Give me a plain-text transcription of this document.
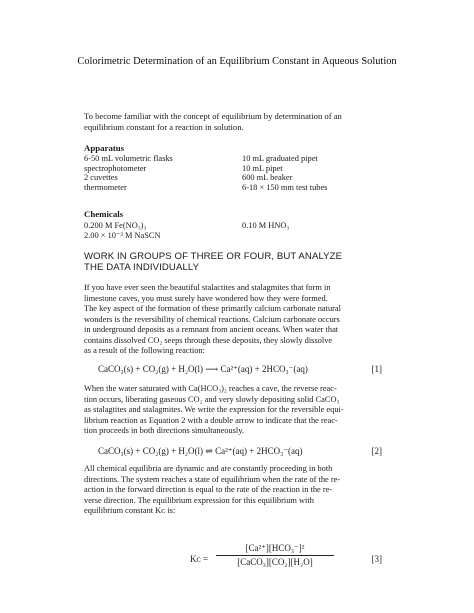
Colorimetric Determination of an Equilibrium Constant in Aqueous Solution
To become familiar with the concept of equilibrium by determination of an equilibrium constant for a reaction in solution.
Apparatus
6-50 mL volumetric flasks	10 mL graduated pipet
spectrophotometer	10 mL pipet
2 cuvettes	600 mL beaker
thermometer	6-18 × 150 mm test tubes
Chemicals
0.200 M Fe(NO₃)₃	0.10 M HNO₃
2.00 × 10⁻³ M NaSCN
WORK IN GROUPS OF THREE OR FOUR, BUT ANALYZE
THE DATA INDIVIDUALLY
If you have ever seen the beautiful stalactites and stalagmites that form in
limestone caves, you must surely have wondered how they were formed.
The key aspect of the formation of these primarily calcium carbonate natural
wonders is the reversibility of chemical reactions. Calcium carbonate occurs
in underground deposits as a remnant from ancient oceans. When water that
contains dissolved CO₂ seeps through these deposits, they slowly dissolve
as a result of the following reaction:
CaCO₃(s) + CO₂(g) + H₂O(l) ⟶ Ca²⁺(aq) + 2HCO₃⁻(aq)	[1]
When the water saturated with Ca(HCO₃)₂ reaches a cave, the reverse reac-
tion occurs, liberating gaseous CO₂ and very slowly depositing solid CaCO₃
as stalagtites and stalagmites. We write the expression for the reversible equi-
librium reaction as Equation 2 with a double arrow to indicate that the reac-
tion proceeds in both directions simultaneously.
CaCO₃(s) + CO₂(g) + H₂O(l) ⇌ Ca²⁺(aq) + 2HCO₃⁻(aq)	[2]
All chemical equilibria are dynamic and are constantly proceeding in both
directions. The system reaches a state of equilibrium when the rate of the re-
action in the forward direction is equal to the rate of the reaction in the re-
verse direction. The equilibrium expression for this equilibrium with
equilibrium constant Kᴄ is:
Kᴄ =
[Ca²⁺][HCO₃⁻]²
[CaCO₃][CO₂][H₂O]	[3]
